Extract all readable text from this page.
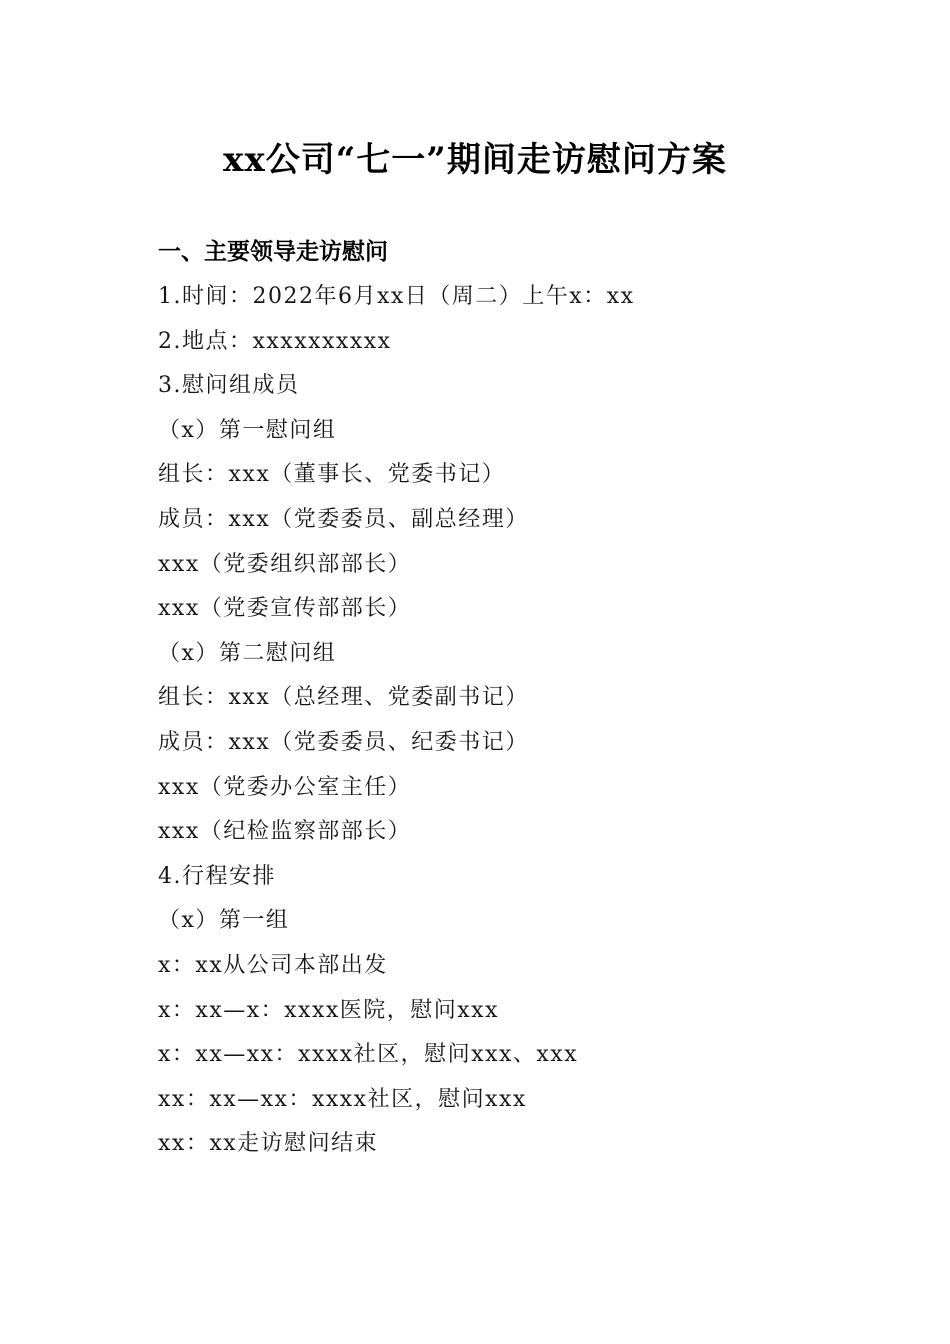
xx公司“七一”期间走访慰问方案
一、主要领导走访慰问
1.时间：2022年6月xx日（周二）上午x：xx
2.地点：xxxxxxxxxx
3.慰问组成员
（x）第一慰问组
组长：xxx（董事长、党委书记）
成员：xxx（党委委员、副总经理）
xxx（党委组织部部长）
xxx（党委宣传部部长）
（x）第二慰问组
组长：xxx（总经理、党委副书记）
成员：xxx（党委委员、纪委书记）
xxx（党委办公室主任）
xxx（纪检监察部部长）
4.行程安排
（x）第一组
x：xx从公司本部出发
x：xx—x：xxxx医院，慰问xxx
x：xx—xx：xxxx社区，慰问xxx、xxx
xx：xx—xx：xxxx社区，慰问xxx
xx：xx走访慰问结束
